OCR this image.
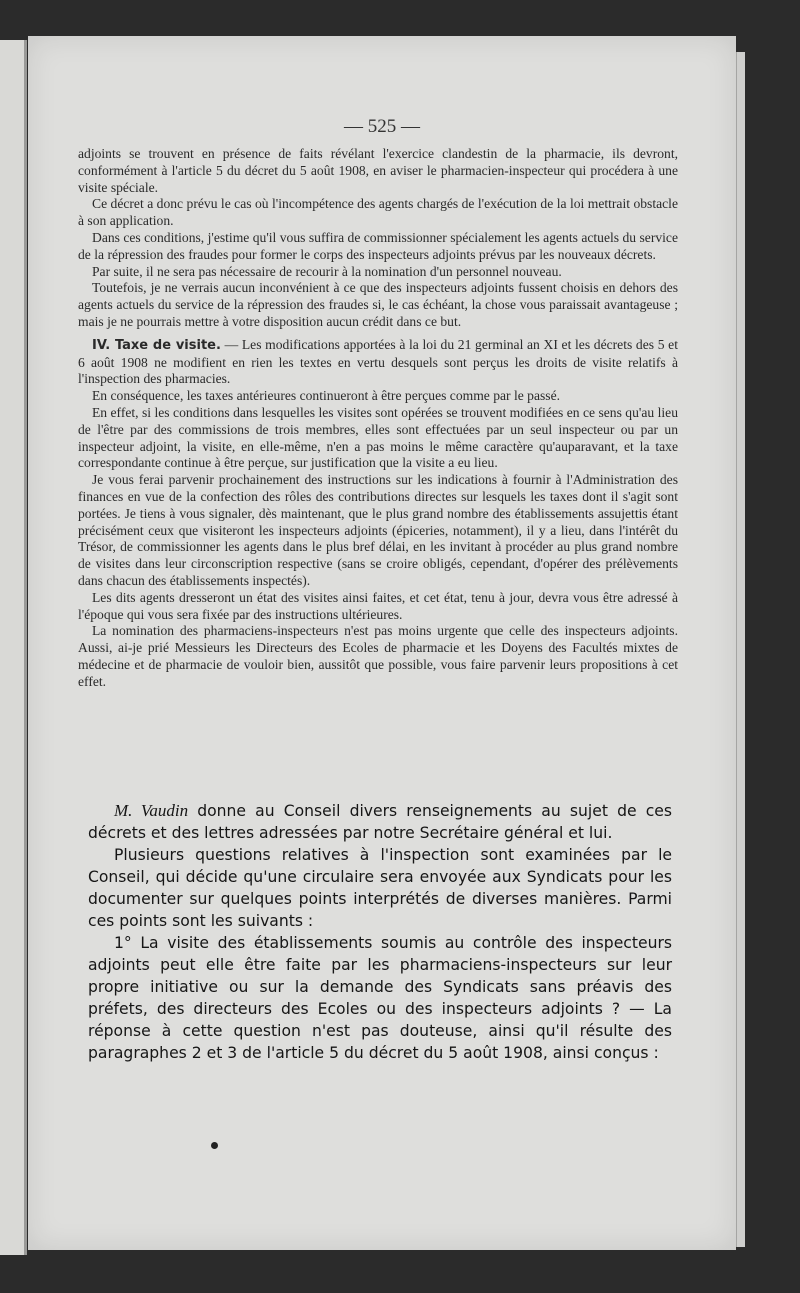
— 525 —

adjoints se trouvent en présence de faits révélant l'exercice clandestin de la pharmacie, ils devront, conformément à l'article 5 du décret du 5 août 1908, en aviser le pharmacien-inspecteur qui procédera à une visite spéciale.

Ce décret a donc prévu le cas où l'incompétence des agents chargés de l'exécution de la loi mettrait obstacle à son application.

Dans ces conditions, j'estime qu'il vous suffira de commissionner spécialement les agents actuels du service de la répression des fraudes pour former le corps des inspecteurs adjoints prévus par les nouveaux décrets.

Par suite, il ne sera pas nécessaire de recourir à la nomination d'un personnel nouveau.

Toutefois, je ne verrais aucun inconvénient à ce que des inspecteurs adjoints fussent choisis en dehors des agents actuels du service de la répression des fraudes si, le cas échéant, la chose vous paraissait avantageuse ; mais je ne pourrais mettre à votre disposition aucun crédit dans ce but.

IV. Taxe de visite. — Les modifications apportées à la loi du 21 germinal an XI et les décrets des 5 et 6 août 1908 ne modifient en rien les textes en vertu desquels sont perçus les droits de visite relatifs à l'inspection des pharmacies.

En conséquence, les taxes antérieures continueront à être perçues comme par le passé.

En effet, si les conditions dans lesquelles les visites sont opérées se trouvent modifiées en ce sens qu'au lieu de l'être par des commissions de trois membres, elles sont effectuées par un seul inspecteur ou par un inspecteur adjoint, la visite, en elle-même, n'en a pas moins le même caractère qu'auparavant, et la taxe correspondante continue à être perçue, sur justification que la visite a eu lieu.

Je vous ferai parvenir prochainement des instructions sur les indications à fournir à l'Administration des finances en vue de la confection des rôles des contributions directes sur lesquels les taxes dont il s'agit sont portées. Je tiens à vous signaler, dès maintenant, que le plus grand nombre des établissements assujettis étant précisément ceux que visiteront les inspecteurs adjoints (épiceries, notamment), il y a lieu, dans l'intérêt du Trésor, de commissionner les agents dans le plus bref délai, en les invitant à procéder au plus grand nombre de visites dans leur circonscription respective (sans se croire obligés, cependant, d'opérer des prélèvements dans chacun des établissements inspectés).

Les dits agents dresseront un état des visites ainsi faites, et cet état, tenu à jour, devra vous être adressé à l'époque qui vous sera fixée par des instructions ultérieures.

La nomination des pharmaciens-inspecteurs n'est pas moins urgente que celle des inspecteurs adjoints. Aussi, ai-je prié Messieurs les Directeurs des Ecoles de pharmacie et les Doyens des Facultés mixtes de médecine et de pharmacie de vouloir bien, aussitôt que possible, vous faire parvenir leurs propositions à cet effet.

M. Vaudin donne au Conseil divers renseignements au sujet de ces décrets et des lettres adressées par notre Secrétaire général et lui.

Plusieurs questions relatives à l'inspection sont examinées par le Conseil, qui décide qu'une circulaire sera envoyée aux Syndicats pour les documenter sur quelques points interprétés de diverses manières. Parmi ces points sont les suivants :

1° La visite des établissements soumis au contrôle des inspecteurs adjoints peut elle être faite par les pharmaciens-inspecteurs sur leur propre initiative ou sur la demande des Syndicats sans préavis des préfets, des directeurs des Ecoles ou des inspecteurs adjoints ? — La réponse à cette question n'est pas douteuse, ainsi qu'il résulte des paragraphes 2 et 3 de l'article 5 du décret du 5 août 1908, ainsi conçus :
